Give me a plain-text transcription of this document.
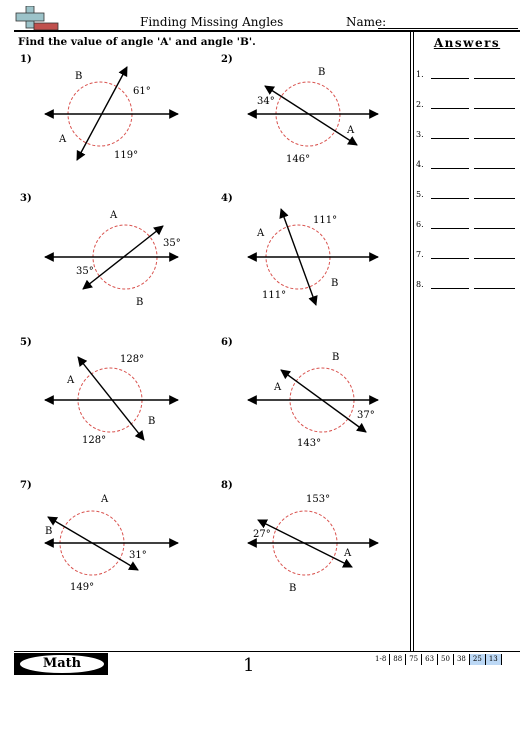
Finding Missing Angles	Name:
Find the value of angle 'A' and angle 'B'.	Answers
1.
2.
3.
4.
5.
6.
7.
8.
1)
B
61°
A
119°
2)
B
34°
A
146°
3)
A
35°
35°
B
4)
111°
A
111°
B
5)
128°
A
B
128°
6)
B
A
37°
143°
7)
A
B
31°
149°
8)
153°
27°
A
B
Math	1	1-8	88	75	63	50	38	25	13
